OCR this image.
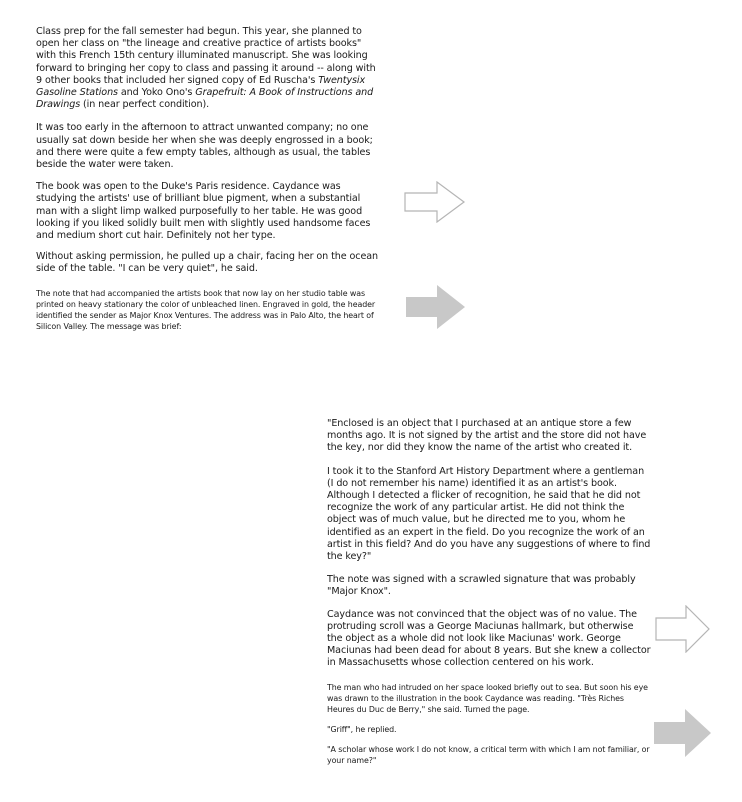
Class prep for the fall semester had begun. This year, she planned to open her class on "the lineage and creative practice of artists books" with this French 15th century illuminated manuscript. She was looking forward to bringing her copy to class and passing it around -- along with 9 other books that included her signed copy of Ed Ruscha's Twentysix Gasoline Stations and Yoko Ono's Grapefruit: A Book of Instructions and Drawings (in near perfect condition).

It was too early in the afternoon to attract unwanted company; no one usually sat down beside her when she was deeply engrossed in a book; and there were quite a few empty tables, although as usual, the tables beside the water were taken.

The book was open to the Duke's Paris residence. Caydance was studying the artists' use of brilliant blue pigment, when a substantial man with a slight limp walked purposefully to her table. He was good looking if you liked solidly built men with slightly used handsome faces and medium short cut hair. Definitely not her type.

Without asking permission, he pulled up a chair, facing her on the ocean side of the table. "I can be very quiet", he said.

The note that had accompanied the artists book that now lay on her studio table was printed on heavy stationary the color of unbleached linen. Engraved in gold, the header identified the sender as Major Knox Ventures. The address was in Palo Alto, the heart of Silicon Valley. The message was brief:

"Enclosed is an object that I purchased at an antique store a few months ago. It is not signed by the artist and the store did not have the key, nor did they know the name of the artist who created it.

I took it to the Stanford Art History Department where a gentleman (I do not remember his name) identified it as an artist's book. Although I detected a flicker of recognition, he said that he did not recognize the work of any particular artist. He did not think the object was of much value, but he directed me to you, whom he identified as an expert in the field. Do you recognize the work of an artist in this field? And do you have any suggestions of where to find the key?"

The note was signed with a scrawled signature that was probably "Major Knox".

Caydance was not convinced that the object was of no value. The protruding scroll was a George Maciunas hallmark, but otherwise the object as a whole did not look like Maciunas' work. George Maciunas had been dead for about 8 years. But she knew a collector in Massachusetts whose collection centered on his work.

The man who had intruded on her space looked briefly out to sea. But soon his eye was drawn to the illustration in the book Caydance was reading. "Très Riches Heures du Duc de Berry," she said. Turned the page.

"Griff", he replied.

"A scholar whose work I do not know, a critical term with which I am not familiar, or your name?"
